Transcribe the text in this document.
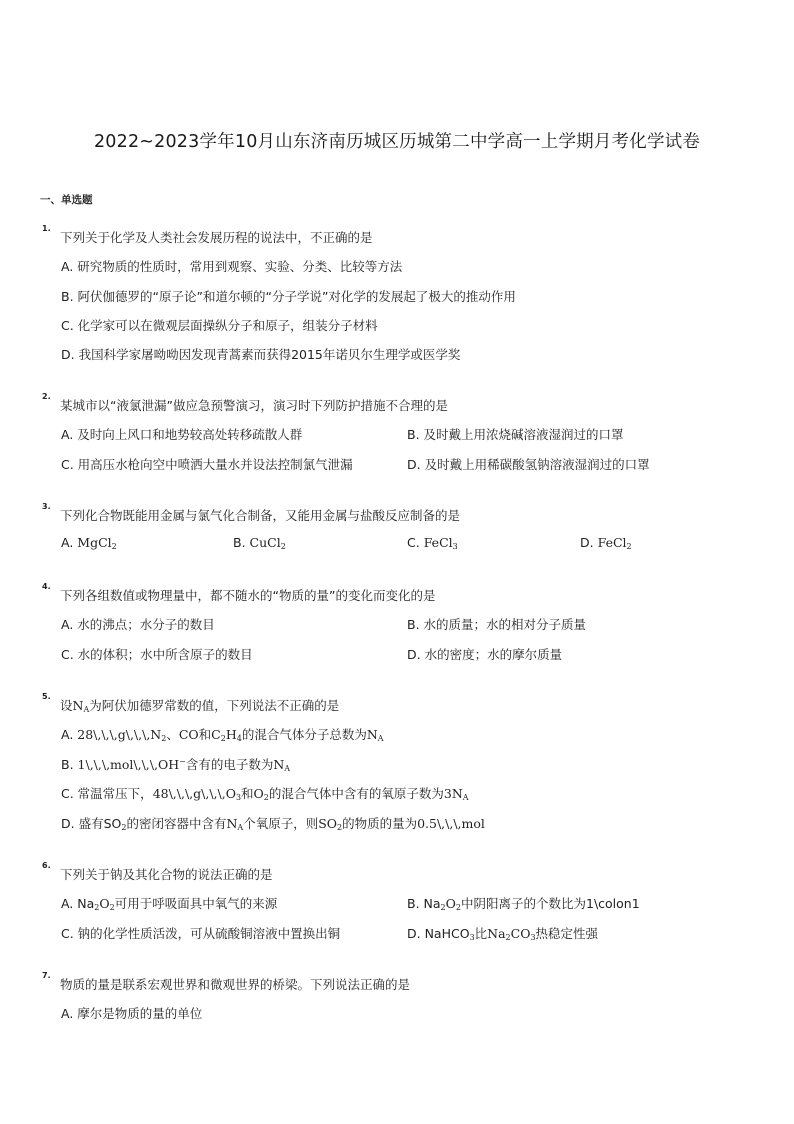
2022~2023学年10月山东济南历城区历城第二中学高一上学期月考化学试卷
一、单选题
1.
下列关于化学及人类社会发展历程的说法中，不正确的是
A. 研究物质的性质时，常用到观察、实验、分类、比较等方法
B. 阿伏伽德罗的“原子论”和道尔顿的“分子学说”对化学的发展起了极大的推动作用
C. 化学家可以在微观层面操纵分子和原子，组装分子材料
D. 我国科学家屠呦呦因发现青蒿素而获得2015年诺贝尔生理学或医学奖
2.
某城市以“液氯泄漏”做应急预警演习，演习时下列防护措施不合理的是
A. 及时向上风口和地势较高处转移疏散人群	B. 及时戴上用浓烧碱溶液湿润过的口罩
C. 用高压水枪向空中喷洒大量水并设法控制氯气泄漏	D. 及时戴上用稀碳酸氢钠溶液湿润过的口罩
3.
下列化合物既能用金属与氯气化合制备，又能用金属与盐酸反应制备的是
A. MgCl$_2$	B. CuCl$_2$	C. FeCl$_3$	D. FeCl$_2$
4.
下列各组数值或物理量中，都不随水的“物质的量”的变化而变化的是
A. 水的沸点；水分子的数目	B. 水的质量；水的相对分子质量
C. 水的体积；水中所含原子的数目	D. 水的密度；水的摩尔质量
5.
设$N_A$为阿伏加德罗常数的值，下列说法不正确的是
A. $28\backslash,\backslash,\backslash,g\backslash,\backslash,\backslash,N_2$、CO和$C_2H_4$的混合气体分子总数为$N_A$
B. 1\,\,\,mol\,\,\,OH−含有的电子数为$N_A$
C. 常温常压下，$48\backslash,\backslash,\backslash,g\backslash,\backslash,\backslash,O_3$和$O_2$的混合气体中含有的氧原子数为$3N_A$
D. 盛有$SO_2$的密闭容器中含有$N_A$个氧原子，则$SO_2$的物质的量为0.5\,\,\,mol
6.
下列关于钠及其化合物的说法正确的是
A. $Na_2O_2$可用于呼吸面具中氧气的来源	B. $Na_2O_2$中阴阳离子的个数比为1\colon1
C. 钠的化学性质活泼，可从硫酸铜溶液中置换出铜	D. NaHCO$_3$比$Na_2CO_3$热稳定性强
7.
物质的量是联系宏观世界和微观世界的桥梁。下列说法正确的是
A. 摩尔是物质的量的单位
